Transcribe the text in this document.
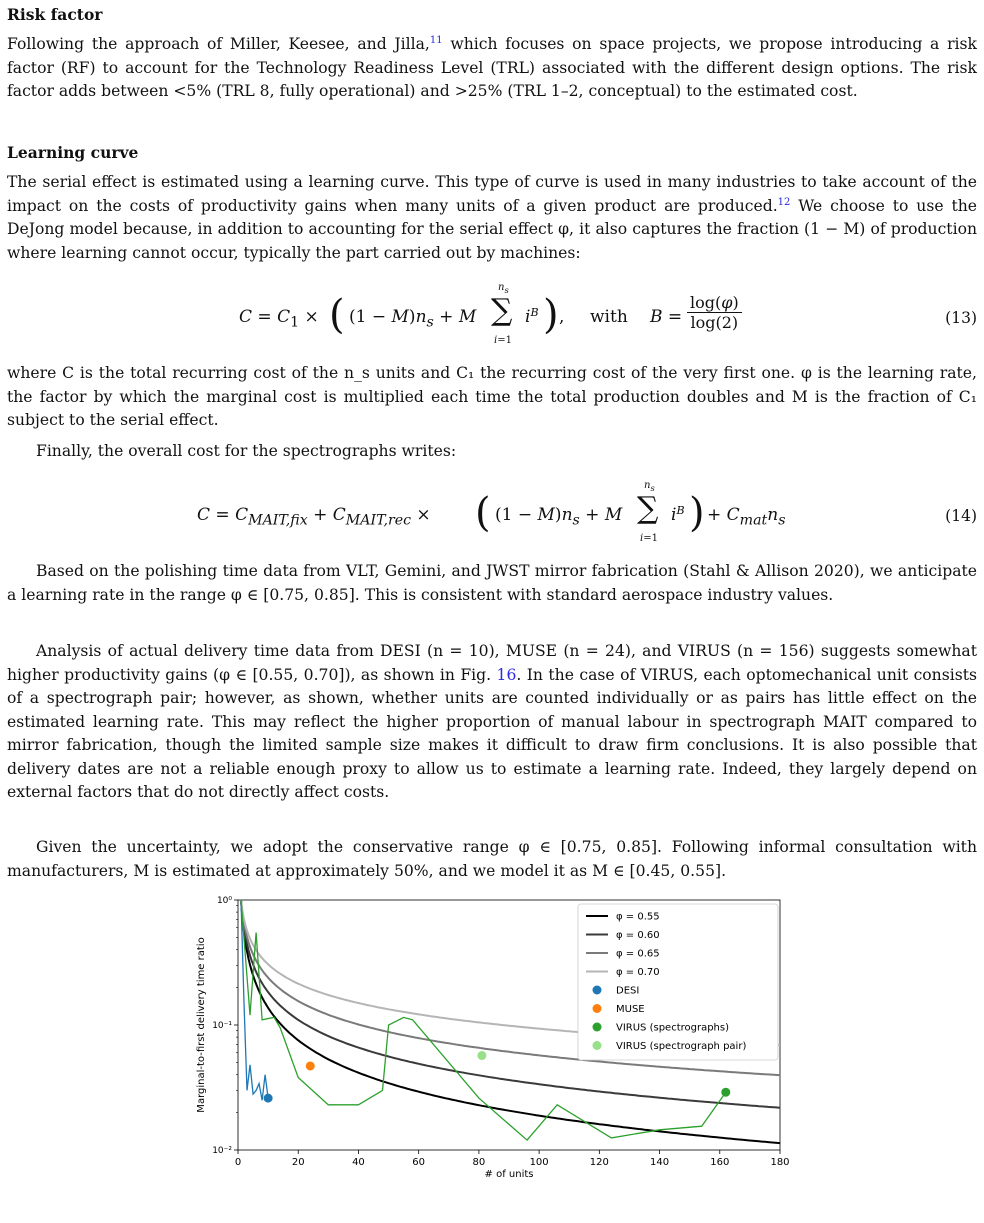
Risk factor

Following the approach of Miller, Keesee, and Jilla,$^{11}$ which focuses on space projects, we propose introducing a risk factor (RF) to account for the Technology Readiness Level (TRL) associated with the different design options. The risk factor adds between <5% (TRL 8, fully operational) and >25% (TRL 1–2, conceptual) to the estimated cost.

Learning curve

The serial effect is estimated using a learning curve. This type of curve is used in many industries to take account of the impact on the costs of productivity gains when many units of a given product are produced.$^{12}$ We choose to use the DeJong model because, in addition to accounting for the serial effect φ, it also captures the fraction (1 − M) of production where learning cannot occur, typically the part carried out by machines:

$C = C_1$ × ( $(1 - M)n_s + M$
$n_s$
∑
i=1
$i^B$ ) , with $B = \frac{\log(\varphi)}{\log(2)}$	(13)

where C is the total recurring cost of the n_s units and C₁ the recurring cost of the very first one. φ is the learning rate, the factor by which the marginal cost is multiplied each time the total production doubles and M is the fraction of C₁ subject to the serial effect.

Finally, the overall cost for the spectrographs writes:

$C = C_{MAIT,fix} + C_{MAIT,rec}$ × ( $(1 - M)n_s + M$
$n_s$
∑
i=1
$i^B$ ) + $C_{mat}n_s$	(14)

Based on the polishing time data from VLT, Gemini, and JWST mirror fabrication (Stahl & Allison 2020), we anticipate a learning rate in the range φ ∈ [0.75, 0.85]. This is consistent with standard aerospace industry values.

Analysis of actual delivery time data from DESI (n = 10), MUSE (n = 24), and VIRUS (n = 156) suggests somewhat higher productivity gains (φ ∈ [0.55, 0.70]), as shown in Fig. 16. In the case of VIRUS, each optomechanical unit consists of a spectrograph pair; however, as shown, whether units are counted individually or as pairs has little effect on the estimated learning rate. This may reflect the higher proportion of manual labour in spectrograph MAIT compared to mirror fabrication, though the limited sample size makes it difficult to draw firm conclusions. It is also possible that delivery dates are not a reliable enough proxy to allow us to estimate a learning rate. Indeed, they largely depend on external factors that do not directly affect costs.

Given the uncertainty, we adopt the conservative range φ ∈ [0.75, 0.85]. Following informal consultation with manufacturers, M is estimated at approximately 50%, and we model it as M ∈ [0.45, 0.55].

0	20	40	60	80	100	120	140	160	180
10⁻²
10⁻¹
10⁰
# of units
Marginal-to-first delivery time ratio
φ = 0.55
φ = 0.60
φ = 0.65
φ = 0.70
DESI
MUSE
VIRUS (spectrographs)
VIRUS (spectrograph pair)
